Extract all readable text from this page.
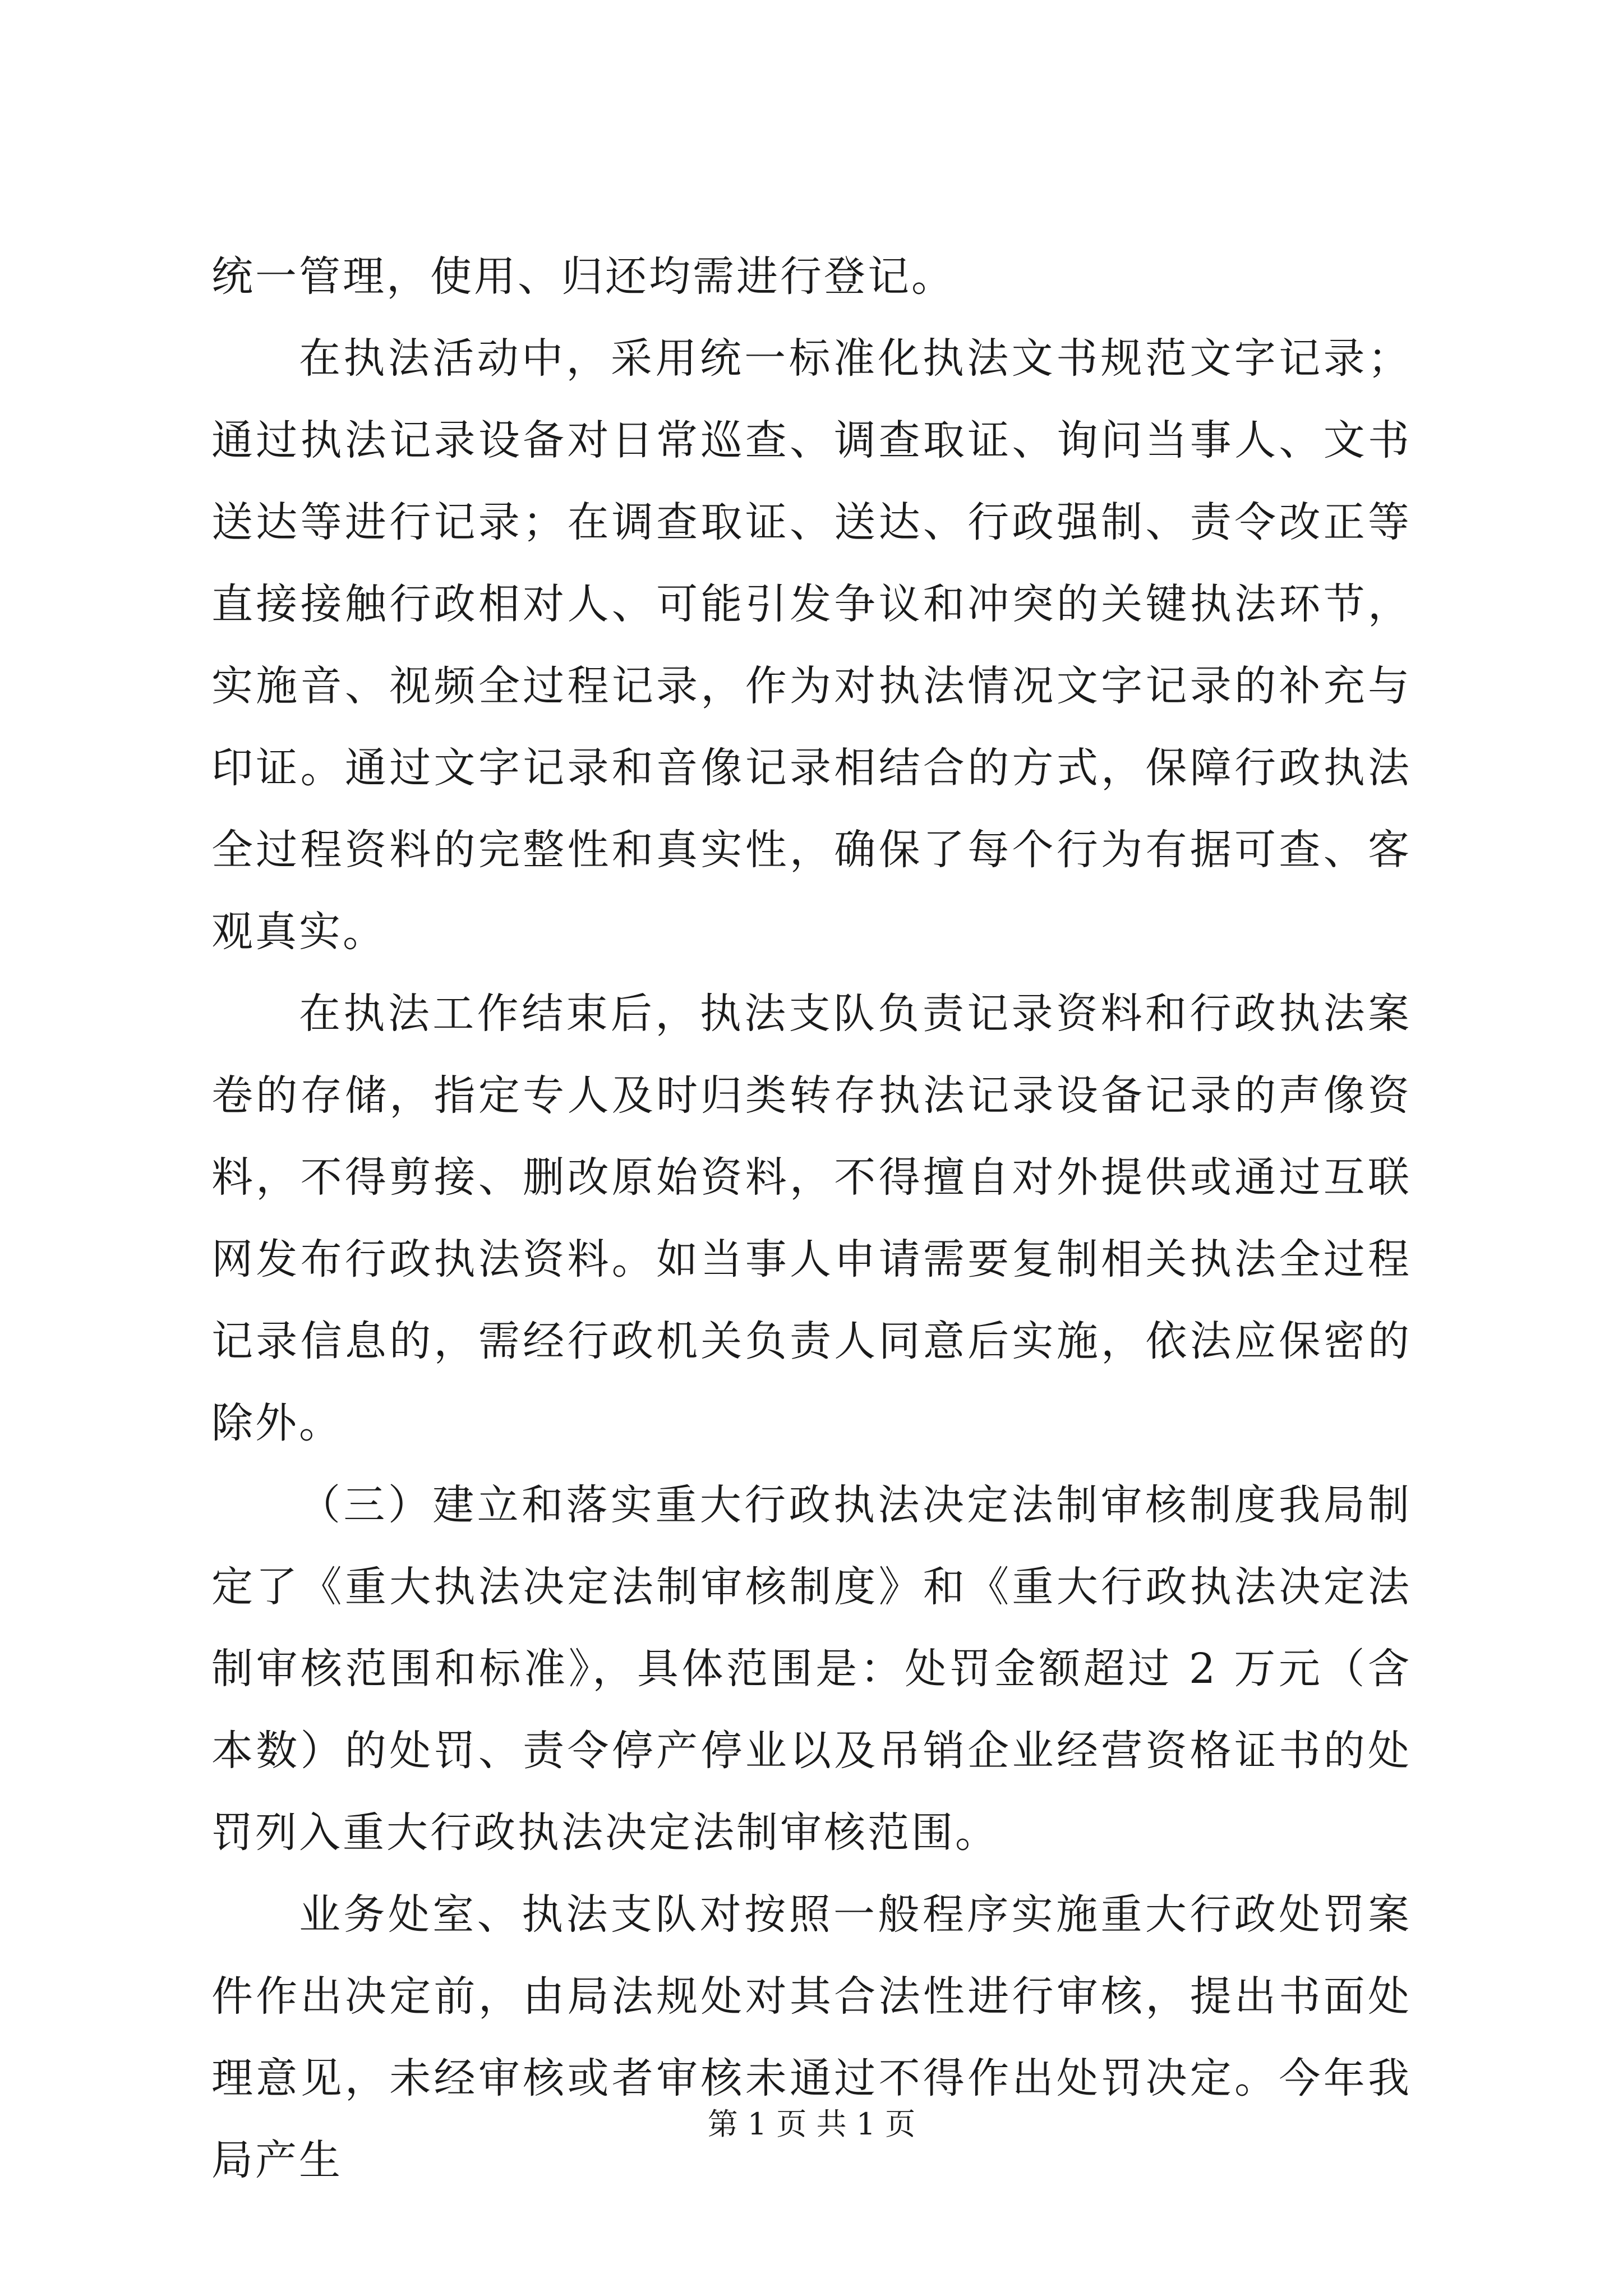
统一管理，使用、归还均需进行登记。

在执法活动中，采用统一标准化执法文书规范文字记录；通过执法记录设备对日常巡查、调查取证、询问当事人、文书送达等进行记录；在调查取证、送达、行政强制、责令改正等直接接触行政相对人、可能引发争议和冲突的关键执法环节，实施音、视频全过程记录，作为对执法情况文字记录的补充与印证。通过文字记录和音像记录相结合的方式，保障行政执法全过程资料的完整性和真实性，确保了每个行为有据可查、客观真实。

在执法工作结束后，执法支队负责记录资料和行政执法案卷的存储，指定专人及时归类转存执法记录设备记录的声像资料，不得剪接、删改原始资料，不得擅自对外提供或通过互联网发布行政执法资料。如当事人申请需要复制相关执法全过程记录信息的，需经行政机关负责人同意后实施，依法应保密的除外。

（三）建立和落实重大行政执法决定法制审核制度我局制定了《重大执法决定法制审核制度》和《重大行政执法决定法制审核范围和标准》，具体范围是：处罚金额超过 2 万元（含本数）的处罚、责令停产停业以及吊销企业经营资格证书的处罚列入重大行政执法决定法制审核范围。

业务处室、执法支队对按照一般程序实施重大行政处罚案件作出决定前，由局法规处对其合法性进行审核，提出书面处理意见，未经审核或者审核未通过不得作出处罚决定。今年我局产生

第 1 页 共 1 页
